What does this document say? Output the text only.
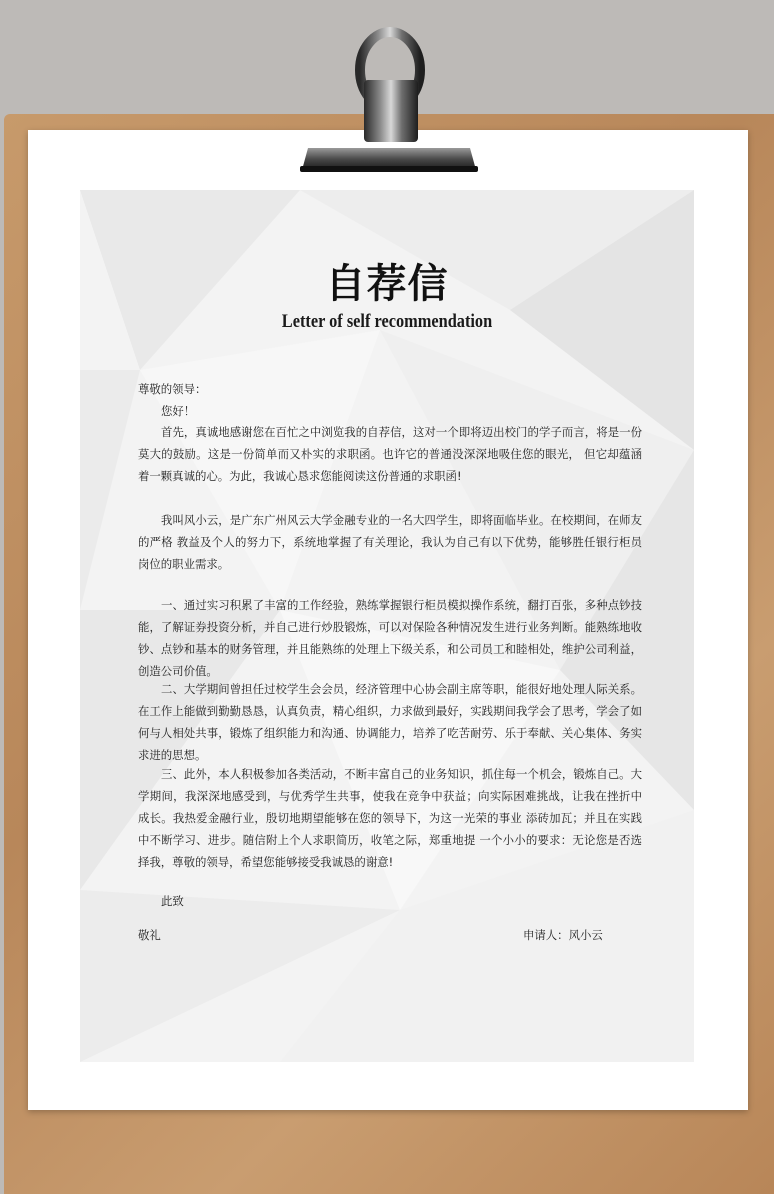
自荐信
Letter of self recommendation
尊敬的领导：
您好！

首先，真诚地感谢您在百忙之中浏览我的自荐信，这对一个即将迈出校门的学子而言，将是一份莫大的鼓励。这是一份简单而又朴实的求职函。也许它的普通没深深地吸住您的眼光， 但它却蕴涵着一颗真诚的心。为此，我诚心恳求您能阅读这份普通的求职函!

我叫风小云，是广东广州风云大学金融专业的一名大四学生，即将面临毕业。在校期间，在师友的严格 教益及个人的努力下，系统地掌握了有关理论，我认为自己有以下优势，能够胜任银行柜员岗位的职业需求。

一、通过实习积累了丰富的工作经验，熟练掌握银行柜员模拟操作系统，翻打百张，多种点钞技能，了解证券投资分析，并自己进行炒股锻炼，可以对保险各种情况发生进行业务判断。能熟练地收钞、点钞和基本的财务管理，并且能熟练的处理上下级关系，和公司员工和睦相处，维护公司利益，创造公司价值。

二、大学期间曾担任过校学生会会员，经济管理中心协会副主席等职，能很好地处理人际关系。在工作上能做到勤勤恳恳，认真负责，精心组织，力求做到最好，实践期间我学会了思考，学会了如何与人相处共事，锻炼了组织能力和沟通、协调能力，培养了吃苦耐劳、乐于奉献、关心集体、务实求进的思想。

三、此外，本人积极参加各类活动，不断丰富自己的业务知识，抓住每一个机会，锻炼自己。大学期间，我深深地感受到，与优秀学生共事，使我在竞争中获益；向实际困难挑战，让我在挫折中 成长。我热爱金融行业，殷切地期望能够在您的领导下，为这一光荣的事业 添砖加瓦；并且在实践中不断学习、进步。随信附上个人求职简历，收笔之际，郑重地提 一个小小的要求：无论您是否选择我，尊敬的领导，希望您能够接受我诚恳的谢意!

此致
敬礼	申请人：风小云
